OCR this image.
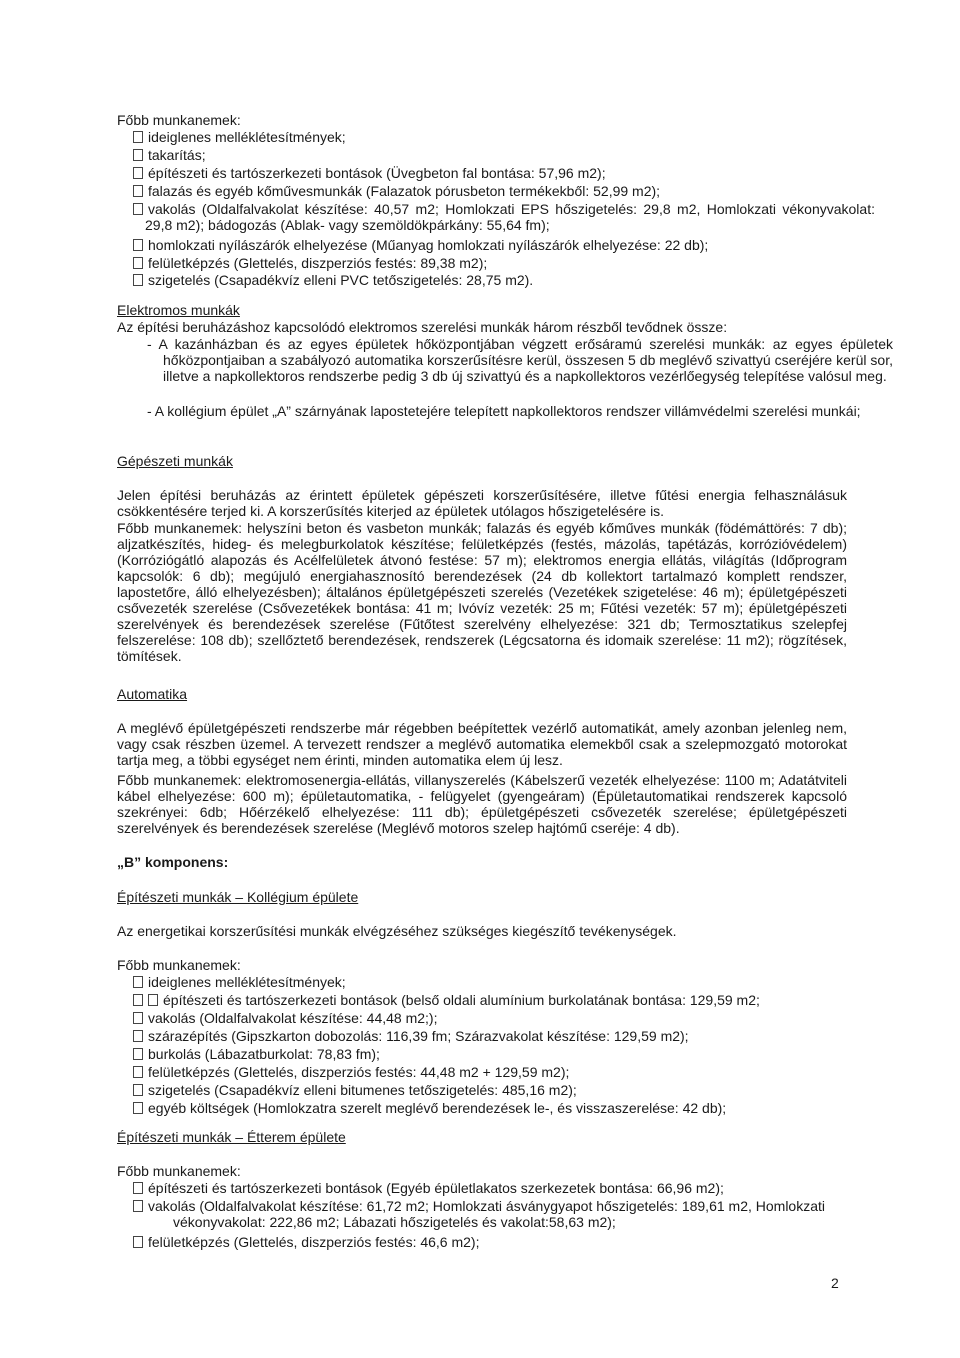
Főbb munkanemek:

ideiglenes melléklétesítmények;

takarítás;

építészeti és tartószerkezeti bontások (Üvegbeton fal bontása: 57,96 m2);

falazás és egyéb kőművesmunkák (Falazatok pórusbeton termékekből: 52,99 m2);

vakolás (Oldalfalvakolat készítése: 40,57 m2; Homlokzati EPS hőszigetelés: 29,8 m2, Homlokzati vékonyvakolat: 29,8 m2); bádogozás (Ablak- vagy szemöldökpárkány: 55,64 fm);

homlokzati nyílászárók elhelyezése (Műanyag homlokzati nyílászárók elhelyezése: 22 db);

felületképzés (Glettelés, diszperziós festés: 89,38 m2);

szigetelés (Csapadékvíz elleni PVC tetőszigetelés: 28,75 m2).

Elektromos munkák

Az építési beruházáshoz kapcsolódó elektromos szerelési munkák három részből tevődnek össze:

- A kazánházban és az egyes épületek hőközpontjában végzett erősáramú szerelési munkák: az egyes épületek hőközpontjaiban a szabályozó automatika korszerűsítésre kerül, összesen 5 db meglévő szivattyú cseréjére kerül sor, illetve a napkollektoros rendszerbe pedig 3 db új szivattyú és a napkollektoros vezérlőegység telepítése valósul meg.

- A kollégium épület „A” szárnyának lapostetejére telepített napkollektoros rendszer villámvédelmi szerelési munkái;

Gépészeti munkák

Jelen építési beruházás az érintett épületek gépészeti korszerűsítésére, illetve fűtési energia felhasználásuk csökkentésére terjed ki. A korszerűsítés kiterjed az épületek utólagos hőszigetelésére is.

Főbb munkanemek: helyszíni beton és vasbeton munkák; falazás és egyéb kőműves munkák (födémáttörés: 7 db); aljzatkészítés, hideg- és melegburkolatok készítése; felületképzés (festés, mázolás, tapétázás, korrózióvédelem) (Korróziógátló alapozás és Acélfelületek átvonó festése: 57 m); elektromos energia ellátás, világítás (Időprogram kapcsolók: 6 db); megújuló energiahasznosító berendezések (24 db kollektort tartalmazó komplett rendszer, lapostetőre, álló elhelyezésben); általános épületgépészeti szerelés (Vezetékek szigetelése: 46 m); épületgépészeti csővezeték szerelése (Csővezetékek bontása: 41 m; Ivóvíz vezeték: 25 m; Fűtési vezeték: 57 m); épületgépészeti szerelvények és berendezések szerelése (Fűtőtest szerelvény elhelyezése: 321 db; Termosztatikus szelepfej felszerelése: 108 db); szellőztető berendezések, rendszerek (Légcsatorna és idomaik szerelése: 11 m2); rögzítések, tömítések.

Automatika

A meglévő épületgépészeti rendszerbe már régebben beépítettek vezérlő automatikát, amely azonban jelenleg nem, vagy csak részben üzemel. A tervezett rendszer a meglévő automatika elemekből csak a szelepmozgató motorokat tartja meg, a többi egységet nem érinti, minden automatika elem új lesz.

Főbb munkanemek: elektromosenergia-ellátás, villanyszerelés (Kábelszerű vezeték elhelyezése: 1100 m; Adatátviteli kábel elhelyezése: 600 m); épületautomatika, - felügyelet (gyengeáram) (Épületautomatikai rendszerek kapcsoló szekrényei: 6db; Hőérzékelő elhelyezése: 111 db); épületgépészeti csővezeték szerelése; épületgépészeti szerelvények és berendezések szerelése (Meglévő motoros szelep hajtómű cseréje: 4 db).

„B” komponens:

Építészeti munkák – Kollégium épülete

Az energetikai korszerűsítési munkák elvégzéséhez szükséges kiegészítő tevékenységek.

Főbb munkanemek:

ideiglenes melléklétesítmények;

építészeti és tartószerkezeti bontások (belső oldali alumínium burkolatának bontása: 129,59 m2;

vakolás (Oldalfalvakolat készítése: 44,48 m2;);

szárazépítés (Gipszkarton dobozolás: 116,39 fm; Szárazvakolat készítése: 129,59 m2);

burkolás (Lábazatburkolat: 78,83 fm);

felületképzés (Glettelés, diszperziós festés: 44,48 m2 + 129,59 m2);

szigetelés (Csapadékvíz elleni bitumenes tetőszigetelés: 485,16 m2);

egyéb költségek (Homlokzatra szerelt meglévő berendezések le-, és visszaszerelése: 42 db);

Építészeti munkák – Étterem épülete

Főbb munkanemek:

építészeti és tartószerkezeti bontások (Egyéb épületlakatos szerkezetek bontása: 66,96 m2);

vakolás (Oldalfalvakolat készítése: 61,72 m2; Homlokzati ásványgyapot hőszigetelés: 189,61 m2, Homlokzati vékonyvakolat: 222,86 m2; Lábazati hőszigetelés és vakolat:58,63 m2);

felületképzés (Glettelés, diszperziós festés: 46,6 m2);

2
